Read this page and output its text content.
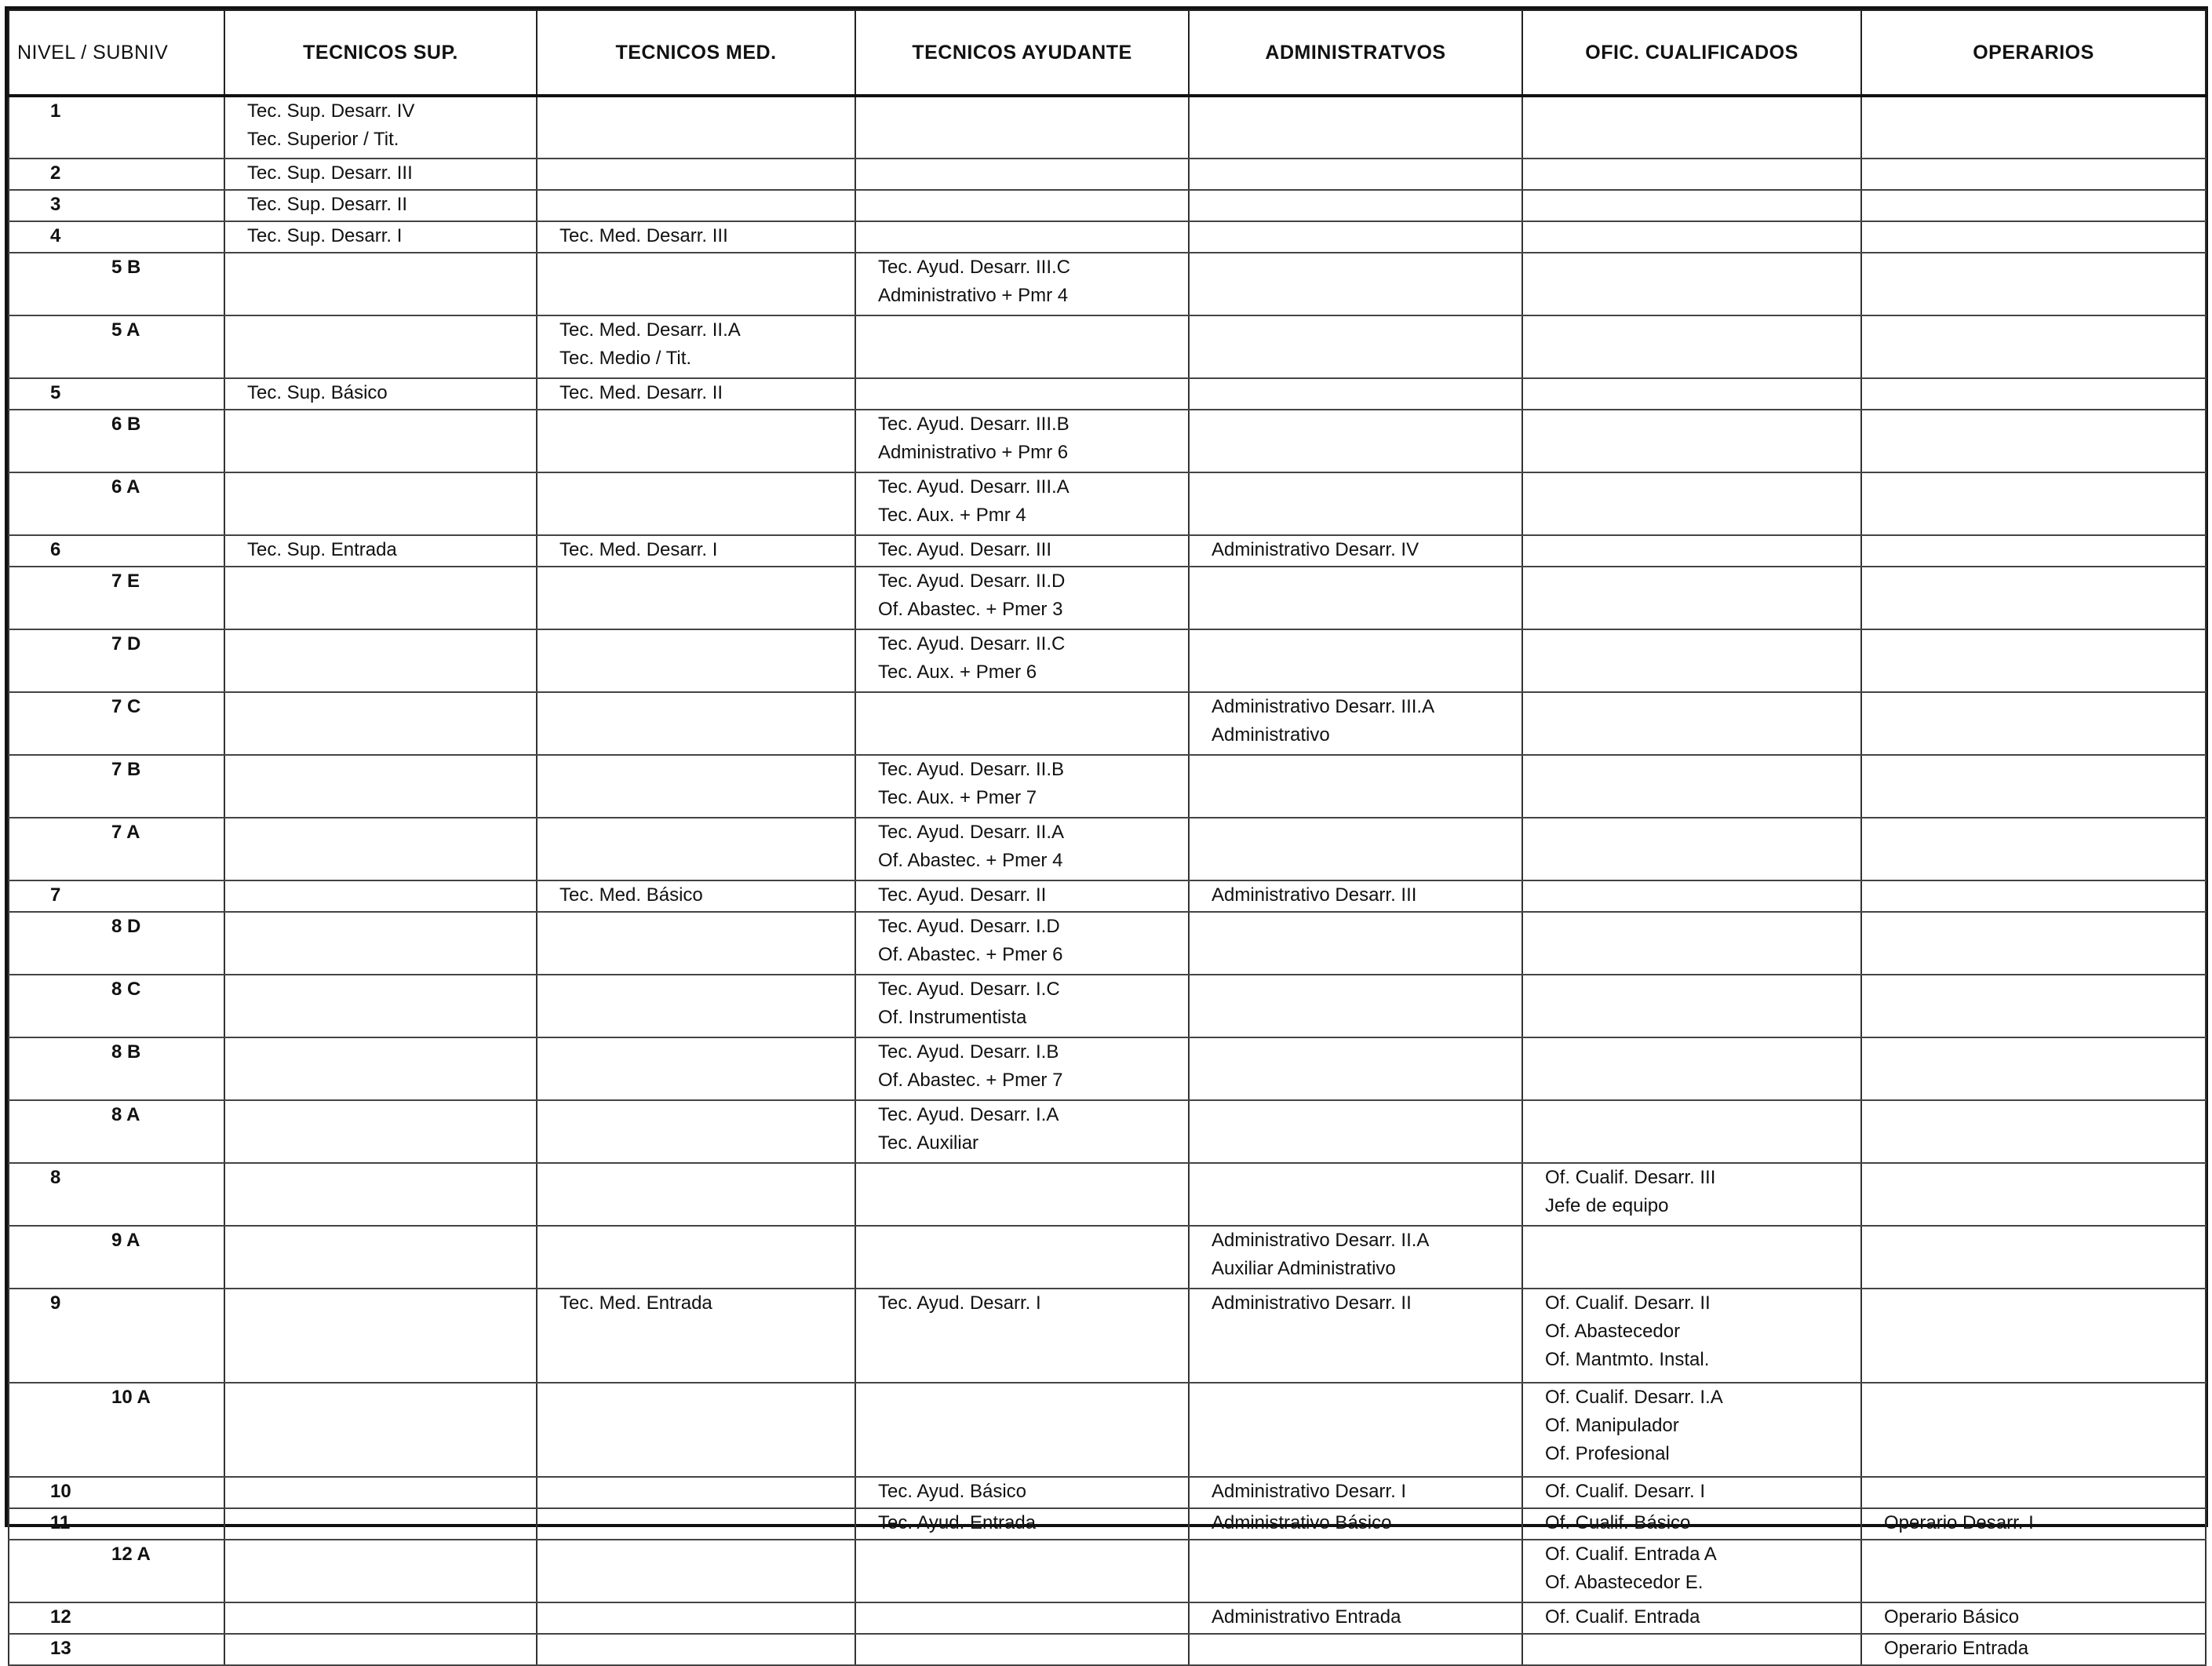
NIVEL / SUBNIV	TECNICOS SUP.	TECNICOS MED.	TECNICOS AYUDANTE	ADMINISTRATVOS	OFIC. CUALIFICADOS	OPERARIOS
1	Tec. Sup. Desarr. IV
Tec. Superior / Tit.					

2	Tec. Sup. Desarr. III					

3	Tec. Sup. Desarr. II					

4	Tec. Sup. Desarr. I	Tec. Med. Desarr. III				

5 B			Tec. Ayud. Desarr. III.C
Administrativo + Pmr 4			

5 A		Tec. Med. Desarr. II.A
Tec. Medio / Tit.				

5	Tec. Sup. Básico	Tec. Med. Desarr. II				

6 B			Tec. Ayud. Desarr. III.B
Administrativo + Pmr 6			

6 A			Tec. Ayud. Desarr. III.A
Tec. Aux. + Pmr 4			

6	Tec. Sup. Entrada	Tec. Med. Desarr. I	Tec. Ayud. Desarr. III	Administrativo Desarr. IV		

7 E			Tec. Ayud. Desarr. II.D
Of. Abastec. + Pmer 3			

7 D			Tec. Ayud. Desarr. II.C
Tec. Aux. + Pmer 6			

7 C				Administrativo Desarr. III.A
Administrativo		

7 B			Tec. Ayud. Desarr. II.B
Tec. Aux. + Pmer 7			

7 A			Tec. Ayud. Desarr. II.A
Of. Abastec. + Pmer 4			

7		Tec. Med. Básico	Tec. Ayud. Desarr. II	Administrativo Desarr. III		

8 D			Tec. Ayud. Desarr. I.D
Of. Abastec. + Pmer 6			

8 C			Tec. Ayud. Desarr. I.C
Of. Instrumentista			

8 B			Tec. Ayud. Desarr. I.B
Of. Abastec. + Pmer 7			

8 A			Tec. Ayud. Desarr. I.A
Tec. Auxiliar			

8					Of. Cualif. Desarr. III
Jefe de equipo	

9 A				Administrativo Desarr. II.A
Auxiliar Administrativo		

9		Tec. Med. Entrada	Tec. Ayud. Desarr. I	Administrativo Desarr. II	Of. Cualif. Desarr. II
Of. Abastecedor
Of. Mantmto. Instal.	

10 A					Of. Cualif. Desarr. I.A
Of. Manipulador
Of. Profesional	

10			Tec. Ayud. Básico	Administrativo Desarr. I	Of. Cualif. Desarr. I	

11			Tec. Ayud. Entrada	Administrativo Básico	Of. Cualif. Básico	Operario Desarr. I

12 A					Of. Cualif. Entrada A
Of. Abastecedor E.	

12				Administrativo Entrada	Of. Cualif. Entrada	Operario Básico

13						Operario Entrada
